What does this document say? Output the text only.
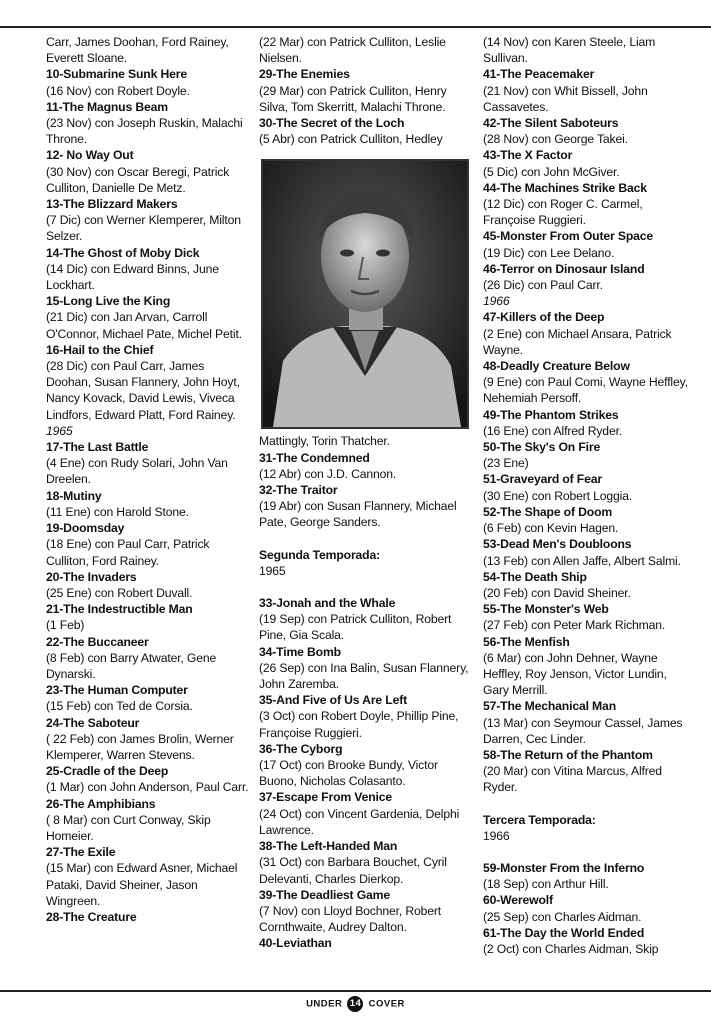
Carr, James Doohan, Ford Rainey, Everett Sloane.

10-Submarine Sunk Here

(16 Nov) con Robert Doyle.

11-The Magnus Beam

(23 Nov) con Joseph Ruskin, Malachi Throne.

12- No Way Out

(30 Nov) con Oscar Beregi, Patrick Culliton, Danielle De Metz.

13-The Blizzard Makers

(7 Dic) con Werner Klemperer, Milton Selzer.

14-The Ghost of Moby Dick

(14 Dic) con Edward Binns, June Lockhart.

15-Long Live the King

(21 Dic) con Jan Arvan, Carroll O'Connor, Michael Pate, Michel Petit.

16-Hail to the Chief

(28 Dic) con Paul Carr, James Doohan, Susan Flannery, John Hoyt, Nancy Kovack, David Lewis, Viveca Lindfors, Edward Platt, Ford Rainey.

1965

17-The Last Battle

(4 Ene) con Rudy Solari, John Van Dreelen.

18-Mutiny

(11 Ene) con Harold Stone.

19-Doomsday

(18 Ene) con Paul Carr, Patrick Culliton, Ford Rainey.

20-The Invaders

(25 Ene) con Robert Duvall.

21-The Indestructible Man

(1 Feb)

22-The Buccaneer

(8 Feb) con Barry Atwater, Gene Dynarski.

23-The Human Computer

(15 Feb) con Ted de Corsia.

24-The Saboteur

( 22 Feb) con James Brolin, Werner Klemperer, Warren Stevens.

25-Cradle of the Deep

(1 Mar) con John Anderson, Paul Carr.

26-The Amphibians

( 8 Mar) con Curt Conway, Skip Homeier.

27-The Exile

(15 Mar) con Edward Asner, Michael Pataki, David Sheiner, Jason Wingreen.

28-The Creature

(22 Mar) con Patrick Culliton, Leslie Nielsen.

29-The Enemies

(29 Mar) con Patrick Culliton, Henry Silva, Tom Skerritt, Malachi Throne.

30-The Secret of the Loch

(5 Abr) con Patrick Culliton, Hedley

Mattingly, Torin Thatcher.

31-The Condemned

(12 Abr) con J.D. Cannon.

32-The Traitor

(19 Abr) con Susan Flannery, Michael Pate, George Sanders.

Segunda Temporada:

1965

33-Jonah and the Whale

(19 Sep) con Patrick Culliton, Robert Pine, Gia Scala.

34-Time Bomb

(26 Sep) con Ina Balin, Susan Flannery, John Zaremba.

35-And Five of Us Are Left

(3 Oct) con Robert Doyle, Phillip Pine, Françoise Ruggieri.

36-The Cyborg

(17 Oct) con Brooke Bundy, Victor Buono, Nicholas Colasanto.

37-Escape From Venice

(24 Oct) con Vincent Gardenia, Delphi Lawrence.

38-The Left-Handed Man

(31 Oct) con Barbara Bouchet, Cyril Delevanti, Charles Dierkop.

39-The Deadliest Game

(7 Nov) con Lloyd Bochner, Robert Cornthwaite, Audrey Dalton.

40-Leviathan

(14 Nov) con Karen Steele, Liam Sullivan.

41-The Peacemaker

(21 Nov) con Whit Bissell, John Cassavetes.

42-The Silent Saboteurs

(28 Nov) con George Takei.

43-The X Factor

(5 Dic) con John McGiver.

44-The Machines Strike Back

(12 Dic) con Roger C. Carmel, Françoise Ruggieri.

45-Monster From Outer Space

(19 Dic) con Lee Delano.

46-Terror on Dinosaur Island

(26 Dic) con Paul Carr.

1966

47-Killers of the Deep

(2 Ene) con Michael Ansara, Patrick Wayne.

48-Deadly Creature Below

(9 Ene) con Paul Comi, Wayne Heffley, Nehemiah Persoff.

49-The Phantom Strikes

(16 Ene) con Alfred Ryder.

50-The Sky's On Fire

(23 Ene)

51-Graveyard of Fear

(30 Ene) con Robert Loggia.

52-The Shape of Doom

(6 Feb) con Kevin Hagen.

53-Dead Men's Doubloons

(13 Feb) con Allen Jaffe, Albert Salmi.

54-The Death Ship

(20 Feb) con David Sheiner.

55-The Monster's Web

(27 Feb) con Peter Mark Richman.

56-The Menfish

(6 Mar) con John Dehner, Wayne Heffley, Roy Jenson, Victor Lundin, Gary Merrill.

57-The Mechanical Man

(13 Mar) con Seymour Cassel, James Darren, Cec Linder.

58-The Return of the Phantom

(20 Mar) con Vitina Marcus, Alfred Ryder.

Tercera Temporada:

1966

59-Monster From the Inferno

(18 Sep) con Arthur Hill.

60-Werewolf

(25 Sep) con Charles Aidman.

61-The Day the World Ended

(2 Oct) con Charles Aidman, Skip

UNDER 14 COVER
